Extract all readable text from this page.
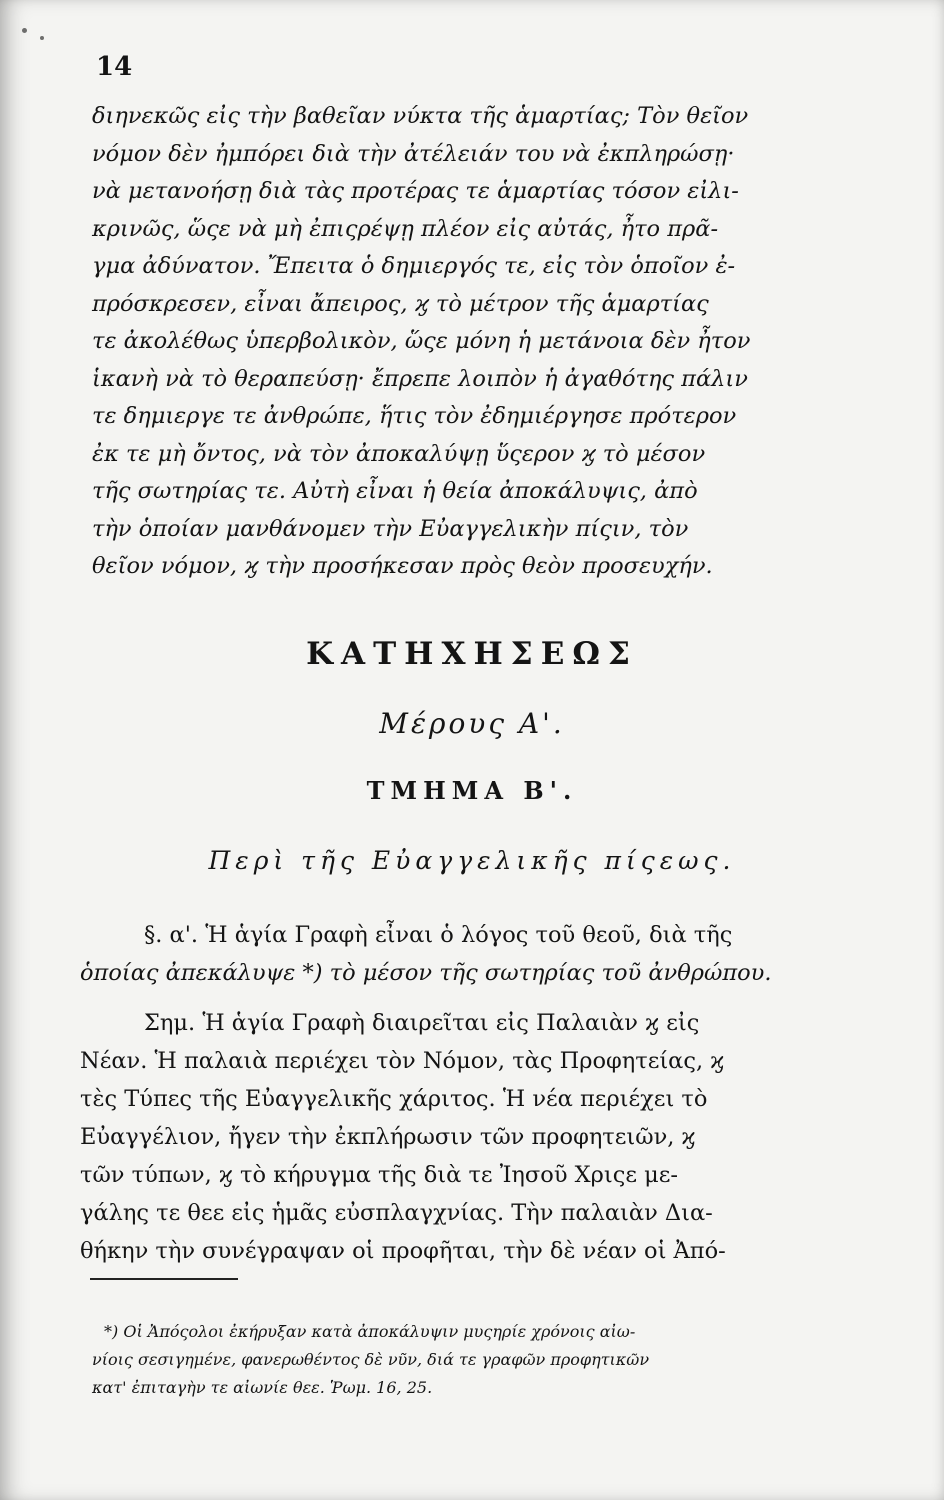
14
διηνεκῶς εἰς τὴν βαθεῖαν νύκτα τῆς ἁμαρτίας; Τὸν θεῖον
νόμον δὲν ἠμπόρει διὰ τὴν ἀτέλειάν του νὰ ἐκπληρώσῃ·
νὰ μετανοήσῃ διὰ τὰς προτέρας τε ἁμαρτίας τόσον εἰλι-
κρινῶς, ὥςε νὰ μὴ ἐπιςρέψῃ πλέον εἰς αὐτάς, ἦτο πρᾶ-
γμα ἀδύνατον. Ἔπειτα ὁ δημιεργός τε, εἰς τὸν ὁποῖον ἐ-
πρόσκρεσεν, εἶναι ἄπειρος, ϗ τὸ μέτρον τῆς ἁμαρτίας
τε ἀκολέθως ὑπερβολικὸν, ὥςε μόνη ἡ μετάνοια δὲν ἦτον
ἱκανὴ νὰ τὸ θεραπεύσῃ· ἔπρεπε λοιπὸν ἡ ἀγαθότης πάλιν
τε δημιεργε τε ἀνθρώπε, ἥτις τὸν ἐδημιέργησε πρότερον
ἐκ τε μὴ ὄντος, νὰ τὸν ἀποκαλύψῃ ὕςερον ϗ τὸ μέσον
τῆς σωτηρίας τε. Αὐτὴ εἶναι ἡ θεία ἀποκάλυψις, ἀπὸ
τὴν ὁποίαν μανθάνομεν τὴν Εὐαγγελικὴν πίςιν, τὸν
θεῖον νόμον, ϗ τὴν προσήκεσαν πρὸς θεὸν προσευχήν.
ΚΑΤΗΧΗΣΕΩΣ
Μέρους Α'.
ΤΜΗΜΑ Β'.
Περὶ τῆς Εὐαγγελικῆς πίςεως.
§. α'. Ἡ ἁγία Γραφὴ εἶναι ὁ λόγος τοῦ θεοῦ, διὰ τῆς
ὁποίας ἀπεκάλυψε *) τὸ μέσον τῆς σωτηρίας τοῦ ἀνθρώπου.
Σημ. Ἡ ἁγία Γραφὴ διαιρεῖται εἰς Παλαιὰν ϗ εἰς
Νέαν. Ἡ παλαιὰ περιέχει τὸν Νόμον, τὰς Προφητείας, ϗ
τὲς Τύπες τῆς Εὐαγγελικῆς χάριτος. Ἡ νέα περιέχει τὸ
Εὐαγγέλιον, ἤγεν τὴν ἐκπλήρωσιν τῶν προφητειῶν, ϗ
τῶν τύπων, ϗ τὸ κήρυγμα τῆς διὰ τε Ἰησοῦ Χριςε με-
γάλης τε θεε εἰς ἡμᾶς εὐσπλαγχνίας. Τὴν παλαιὰν Δια-
θήκην τὴν συνέγραψαν οἱ προφῆται, τὴν δὲ νέαν οἱ Ἀπό-
*) Οἱ Ἀπόςολοι ἐκήρυξαν κατὰ ἀποκάλυψιν μυςηρίε χρόνοις αἰω-
νίοις σεσιγημένε, φανερωθέντος δὲ νῦν, διά τε γραφῶν προφητικῶν
κατ' ἐπιταγὴν τε αἰωνίε θεε. Ῥωμ. 16, 25.
